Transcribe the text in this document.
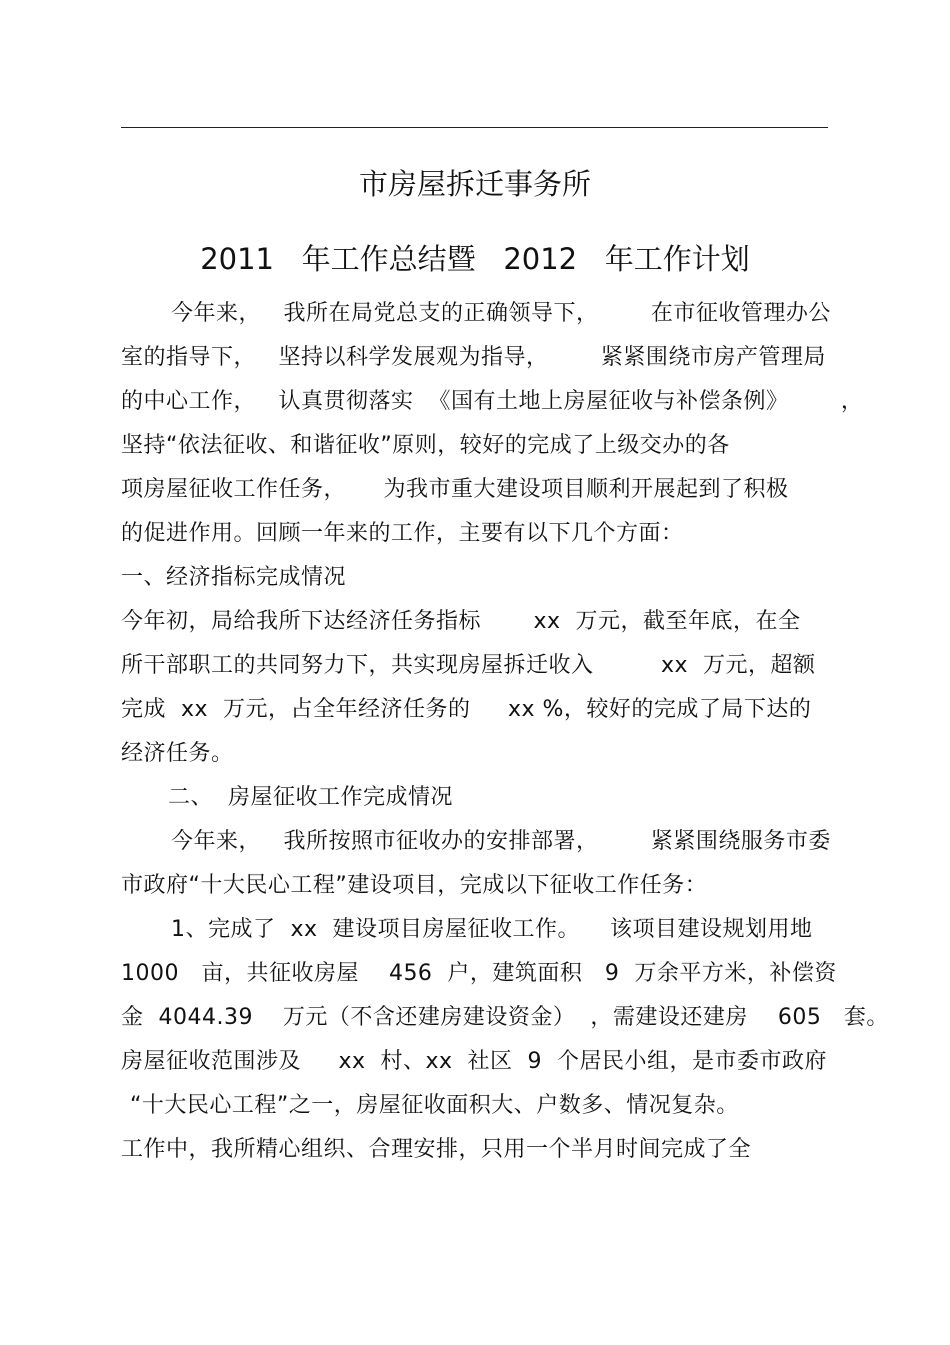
市房屋拆迁事务所
2011   年工作总结暨   2012   年工作计划
今年来，   我所在局党总支的正确领导下，       在市征收管理办公
室的指导下，   坚持以科学发展观为指导，       紧紧围绕市房产管理局
的中心工作，   认真贯彻落实  《国有土地上房屋征收与补偿条例》       ，
坚持“依法征收、和谐征收”原则，较好的完成了上级交办的各
项房屋征收工作任务，     为我市重大建设项目顺利开展起到了积极
的促进作用。回顾一年来的工作，主要有以下几个方面：
一、经济指标完成情况
今年初，局给我所下达经济任务指标       xx  万元，截至年底，在全
所干部职工的共同努力下，共实现房屋拆迁收入         xx  万元，超额
完成  xx  万元，占全年经济任务的     xx %，较好的完成了局下达的
经济任务。
二、  房屋征收工作完成情况
今年来，   我所按照市征收办的安排部署，       紧紧围绕服务市委
市政府“十大民心工程”建设项目，完成以下征收工作任务：
1、完成了  xx  建设项目房屋征收工作。    该项目建设规划用地
1000   亩，共征收房屋    456  户，建筑面积   9  万余平方米，补偿资
金  4044.39    万元（不含还建房建设资金）  ，需建设还建房    605   套。
房屋征收范围涉及     xx  村、xx  社区  9  个居民小组，是市委市政府
“十大民心工程”之一，房屋征收面积大、户数多、情况复杂。
工作中，我所精心组织、合理安排，只用一个半月时间完成了全
